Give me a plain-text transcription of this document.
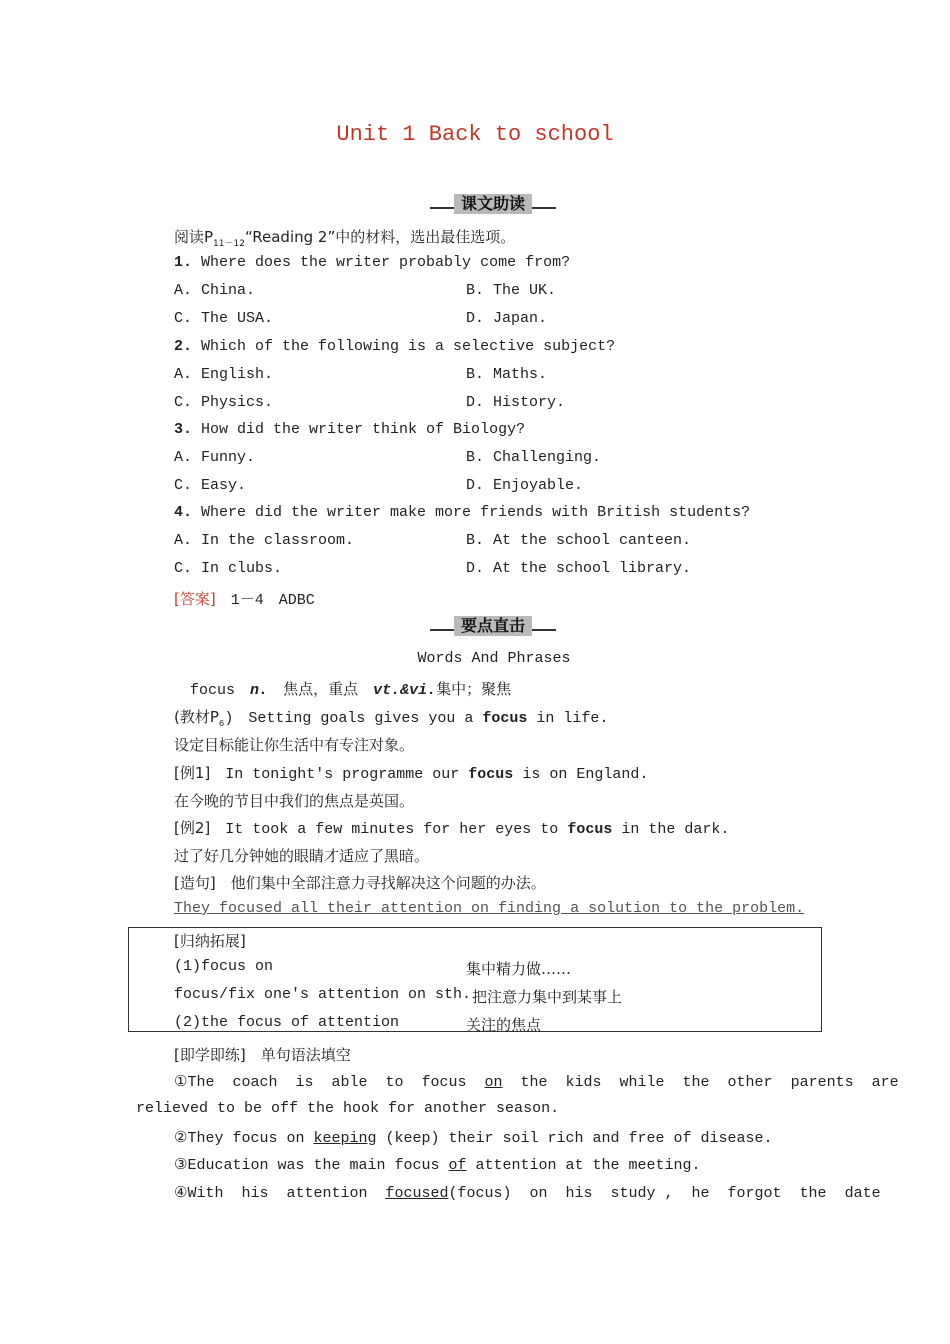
Unit 1 Back to school
课文助读
阅读$P_{11-12}“Reading$ 2”中的材料，选出最佳选项。
1. Where does the writer probably come from?
A. China.	B. The UK.
C. The USA.	D. Japan.
2. Which of the following is a selective subject?
A. English.	B. Maths.
C. Physics.	D. History.
3. How did the writer think of Biology?
A. Funny.	B. Challenging.
C. Easy.	D. Enjoyable.
4. Where did the writer make more friends with British students?
A. In the classroom.	B. At the school canteen.
C. In clubs.	D. At the school library.
[答案]　 1－4　ADBC
要点直击
Words And Phrases
focus　 n.　 焦点，重点　 vt.&vi.集中；聚焦
(教材$P_6$)　Setting goals gives you a focus in life.
设定目标能让你生活中有专注对象。
[例1]　In tonight's programme our focus is on England.
在今晚的节目中我们的焦点是英国。
[例2]　It took a few minutes for her eyes to focus in the dark.
过了好几分钟她的眼睛才适应了黑暗。
[造句]　他们集中全部注意力寻找解决这个问题的办法。
They focused all their attention on finding a solution to the problem.
[归纳拓展]
(1)focus on	集中精力做……
focus/fix one's attention on sth. 把注意力集中到某事上
(2)the focus of attention	关注的焦点
[即学即练]　单句语法填空
①The  coach  is  able  to  focus  on  the  kids  while  the  other  parents  are
relieved to be off the hook for another season.
②They focus on keeping (keep) their soil rich and free of disease.
③Education was the main focus of attention at the meeting.
④With  his  attention  focused(focus)  on  his  study ,  he  forgot  the  date
